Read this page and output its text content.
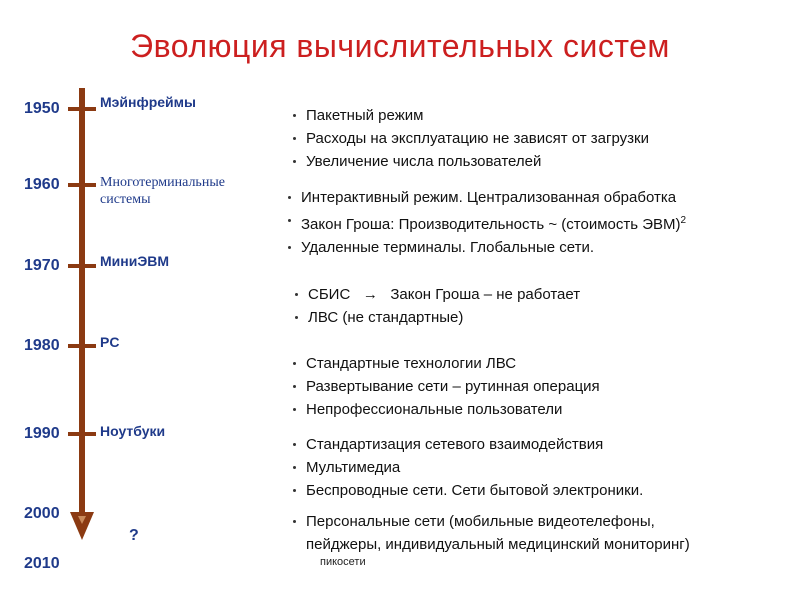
Эволюция вычислительных систем
1950
1960
1970
1980
1990
2000
2010
Мэйнфреймы
Многотерминальные
системы
МиниЭВМ
PC
Ноутбуки
?
Пакетный режим
Расходы на эксплуатацию не зависят от загрузки
Увеличение числа пользователей
Интерактивный режим. Централизованная обработка
Закон Гроша: Производительность ~ (стоимость ЭВМ)$^2$
Удаленные терминалы. Глобальные сети.
СБИС → Закон Гроша – не работает
ЛВС (не стандартные)
Стандартные технологии ЛВС
Развертывание сети – рутинная операция
Непрофессиональные пользователи
Стандартизация сетевого взаимодействия
Мультимедиа
Беспроводные сети. Сети бытовой электроники.
Персональные сети (мобильные видеотелефоны,
пейджеры, индивидуальный медицинский мониторинг)
пикосети
